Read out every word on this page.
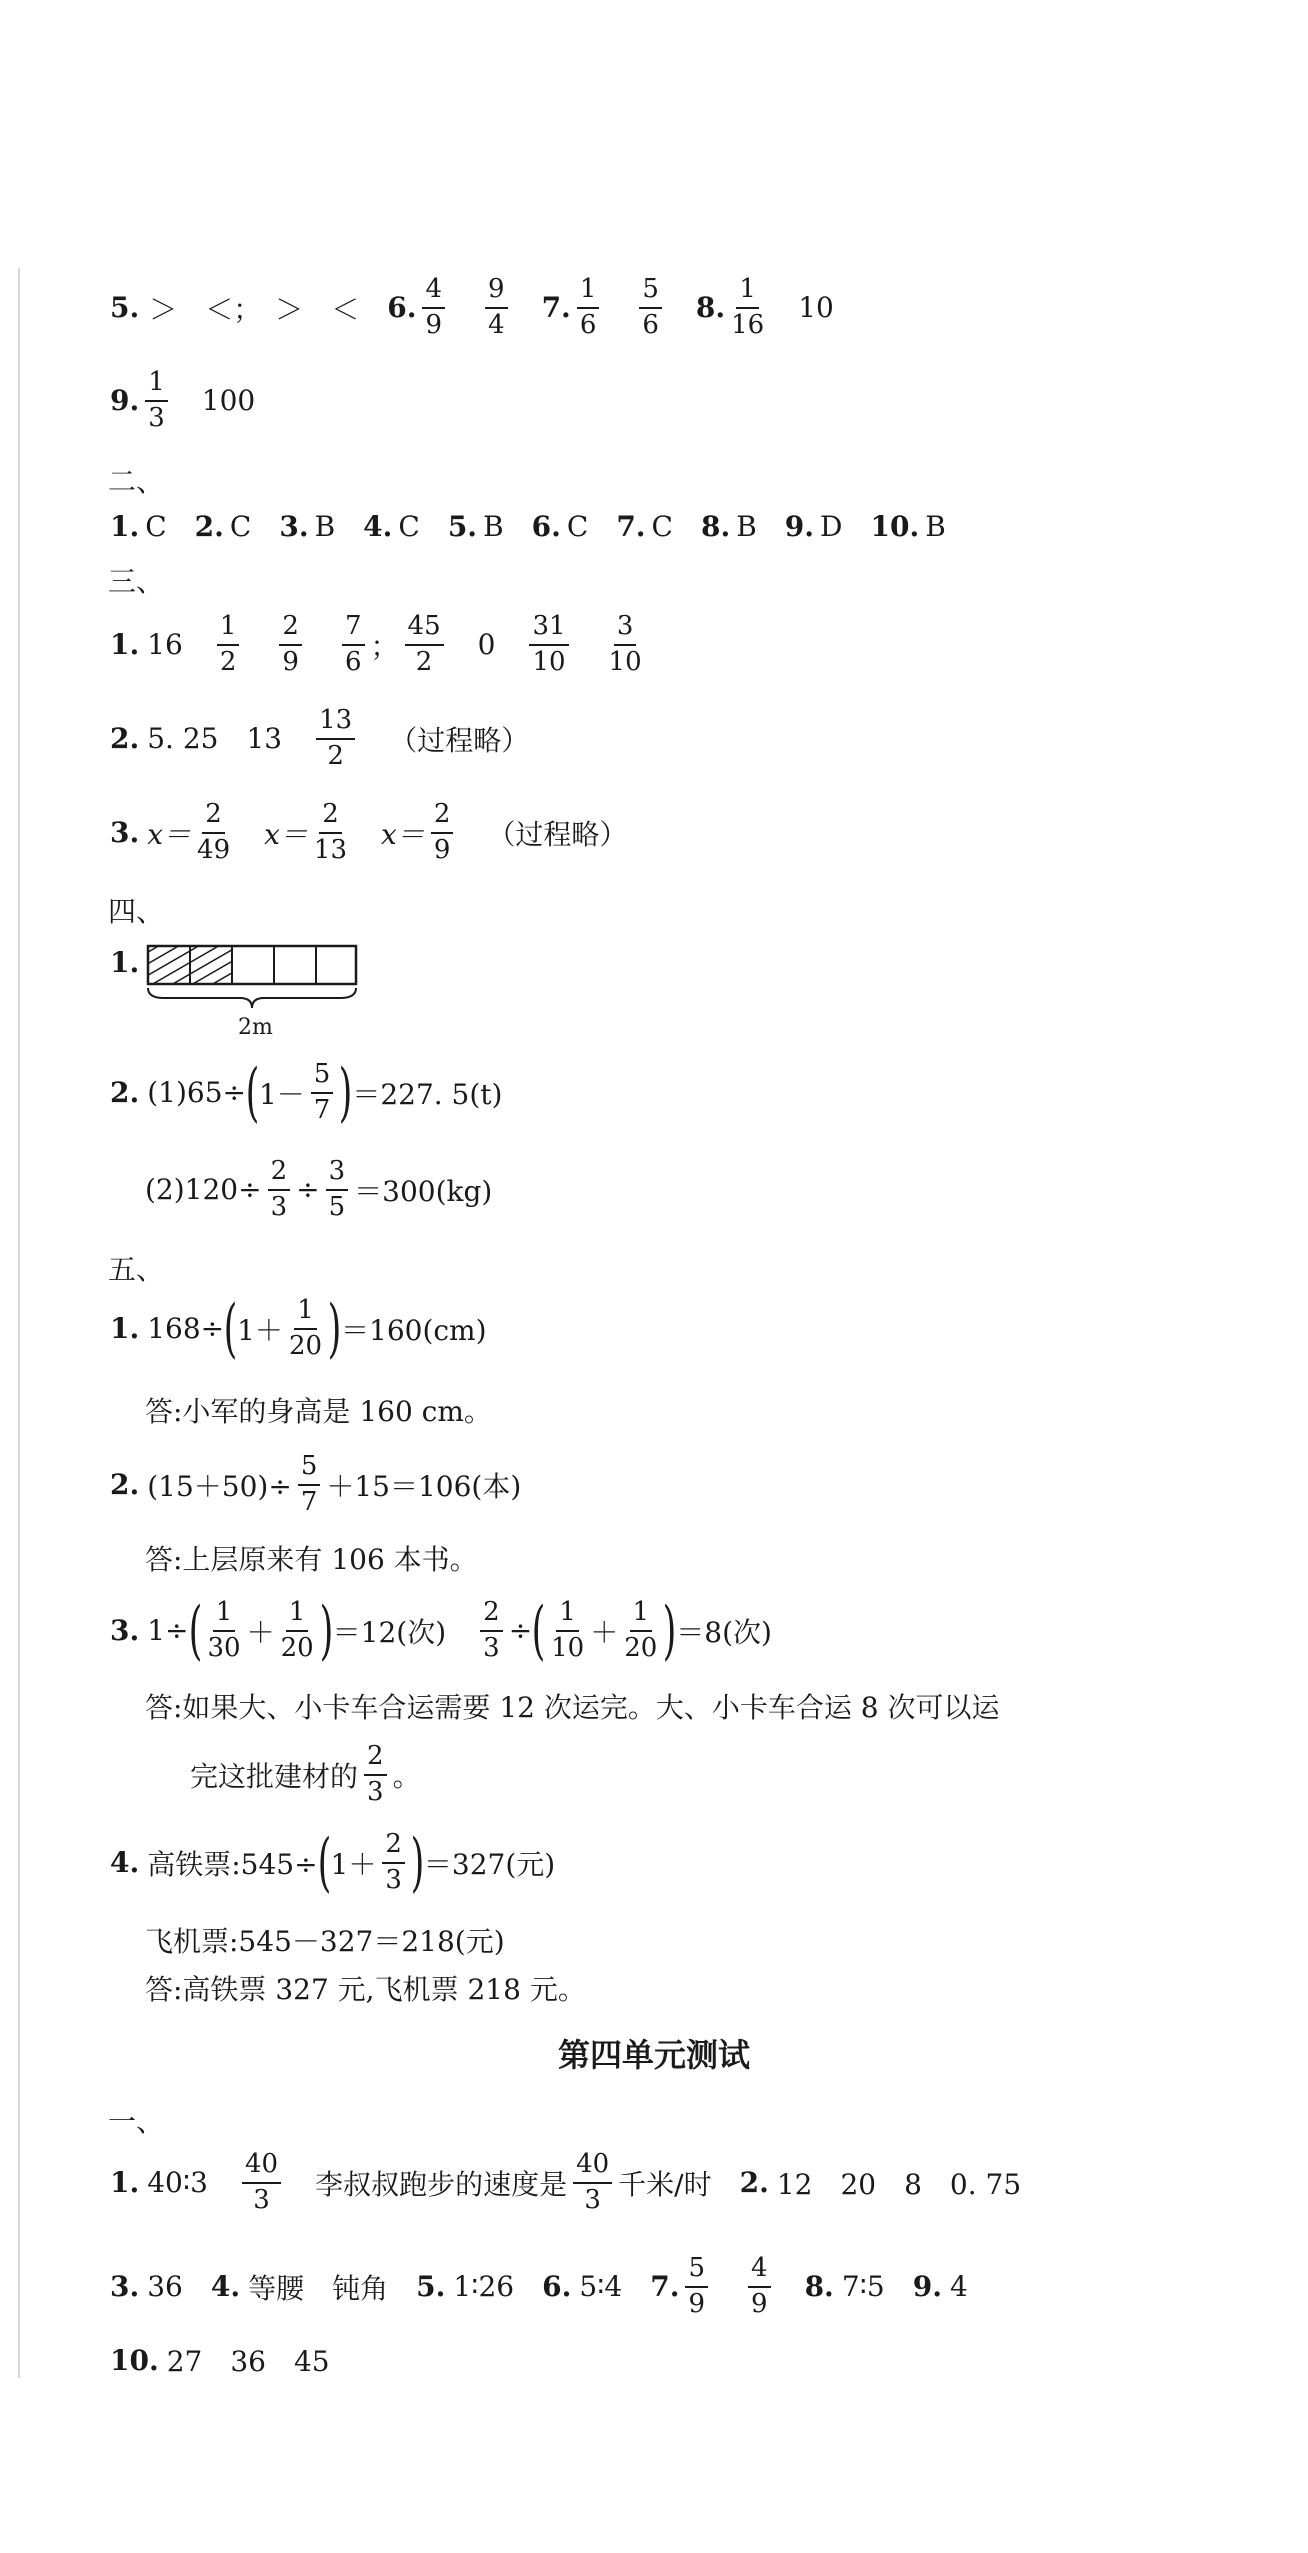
5. ＞　＜；　＞　＜ 6.
4
9
9
4
7.
1
6
5
6
8.
1
16
10
9.
1
3
100
二、
1. C 2. C 3. B 4. C 5. B 6. C 7. C 8. B 9. D 10. B
三、
1. 16
1
2
2
9
7
6 ；
45
2
0
31
10
3
10
2. 5. 25 13
13
2 （过程略）
3. x＝
2
49 x＝
2
13 x＝
2
9 （过程略）
四、
1.
2m
2. (1)65÷ ( 1－
5
7 ) ＝227. 5(t)
$(2)120\div \frac{2}{3} \div \frac{3}{5} =300(kg)$
五、
1. 168÷ ( 1＋
1
20 ) ＝160(cm)
答:小军的身高是 160 cm。
2. $(15+50)\div \frac{5}{7} +15=106$(本)
答:上层原来有 106 本书。
3. 1÷ ( 1
30 ＋
1
20 ) ＝12(次) $\frac{2}{3}$ ÷ ( 1
10 ＋
1
20 ) ＝8(次)
答:如果大、小卡车合运需要 12 次运完。大、小卡车合运 8 次可以运
完这批建材的
2
3 。
4. 高铁票:545÷ ( 1＋
2
3 ) ＝327(元)
飞机票:545－327＝218(元)
答:高铁票 327 元,飞机票 218 元。
第四单元测试
一、
1. 40∶3
40
3 李叔叔跑步的速度是
40
3 千米/时 2. 12　20　8　0. 75
3. 36 4. 等腰　钝角 5. 1∶26 6. 5∶4 7.
5
9
4
9
8. 7∶5 9. 4
10. 27　36　45
